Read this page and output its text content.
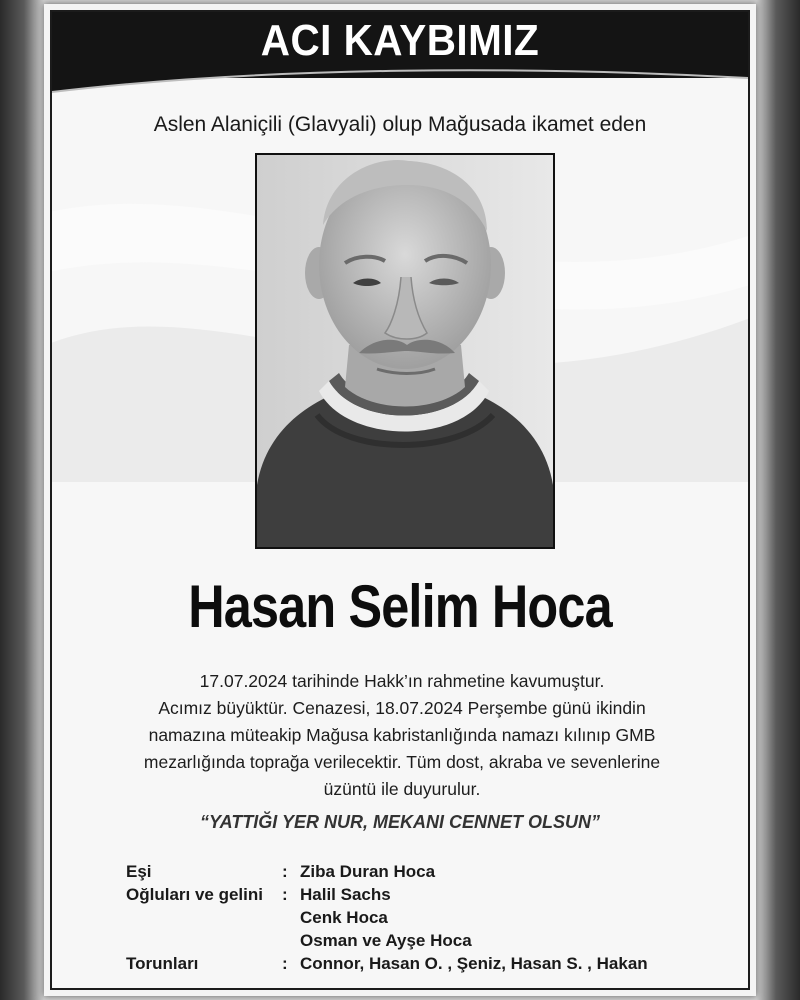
ACI KAYBIMIZ
Aslen Alaniçili (Glavyali) olup Mağusada ikamet eden
Hasan Selim Hoca
17.07.2024 tarihinde Hakk’ın rahmetine kavumuştur.
Acımız büyüktür. Cenazesi, 18.07.2024 Perşembe günü ikindin
namazına müteakip Mağusa kabristanlığında namazı kılınıp GMB
mezarlığında toprağa verilecektir. Tüm dost, akraba ve sevenlerine
üzüntü ile duyurulur.
“YATTIĞI YER NUR, MEKANI CENNET OLSUN”
Eşi	: Ziba Duran Hoca
Oğluları ve gelini : Halil Sachs
Cenk Hoca
Osman ve Ayşe Hoca
Torunları	: Connor, Hasan O. , Şeniz, Hasan S. , Hakan
